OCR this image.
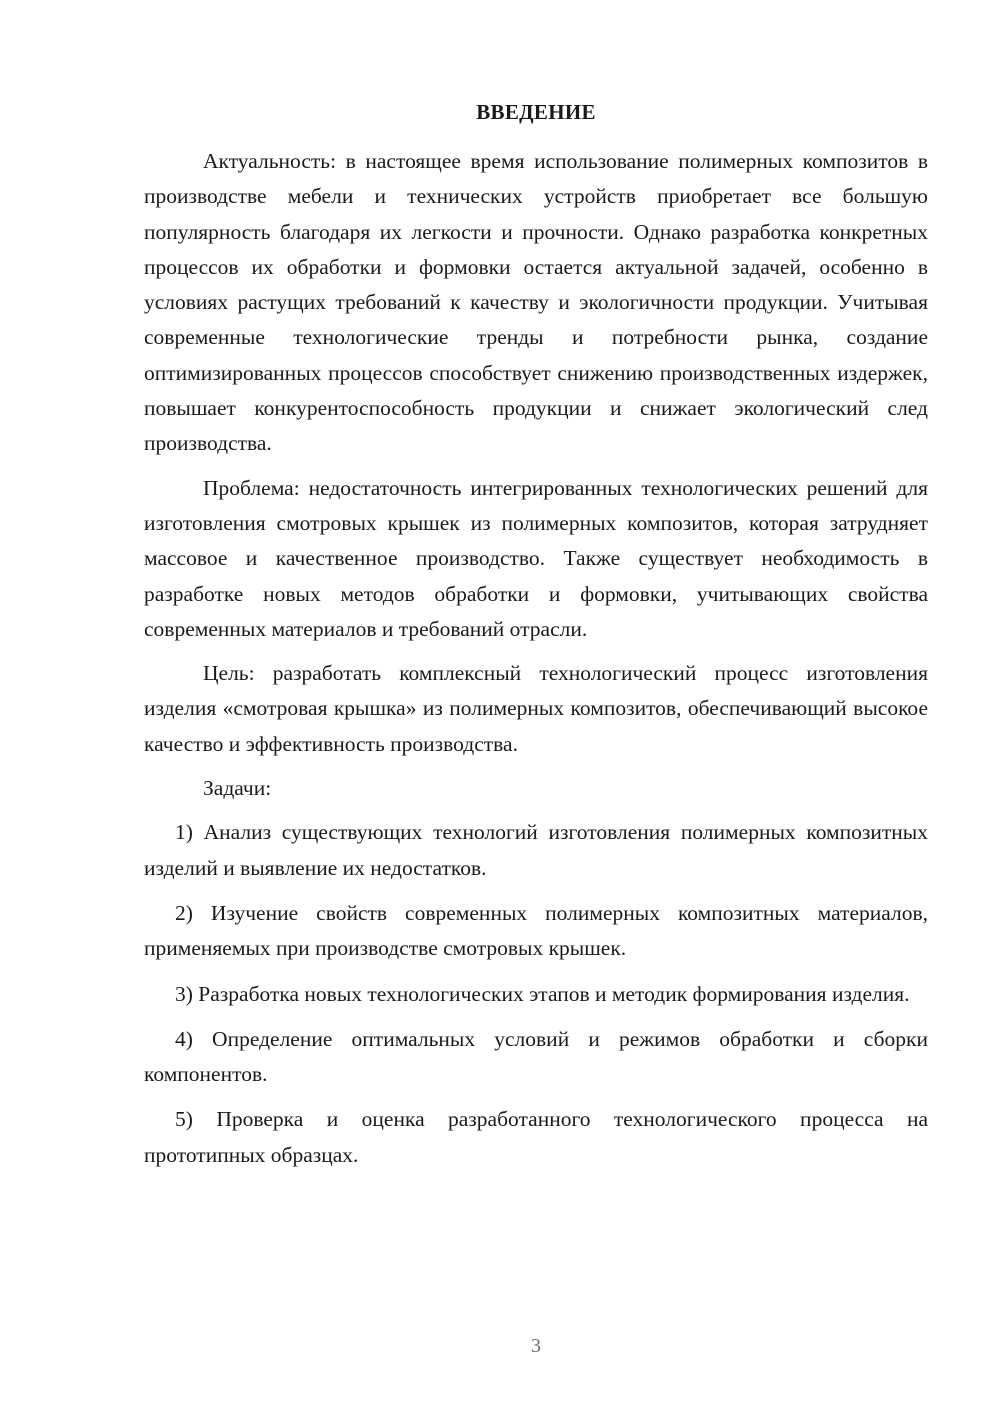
ВВЕДЕНИЕ

Актуальность: в настоящее время использование полимерных композитов в производстве мебели и технических устройств приобретает все большую популярность благодаря их легкости и прочности. Однако разработка конкретных процессов их обработки и формовки остается актуальной задачей, особенно в условиях растущих требований к качеству и экологичности продукции. Учитывая современные технологические тренды и потребности рынка, создание оптимизированных процессов способствует снижению производственных издержек, повышает конкурентоспособность продукции и снижает экологический след производства.

Проблема: недостаточность интегрированных технологических решений для изготовления смотровых крышек из полимерных композитов, которая затрудняет массовое и качественное производство. Также существует необходимость в разработке новых методов обработки и формовки, учитывающих свойства современных материалов и требований отрасли.

Цель: разработать комплексный технологический процесс изготовления изделия «смотровая крышка» из полимерных композитов, обеспечивающий высокое качество и эффективность производства.

Задачи:

1) Анализ существующих технологий изготовления полимерных композитных изделий и выявление их недостатков.

2) Изучение свойств современных полимерных композитных материалов, применяемых при производстве смотровых крышек.

3) Разработка новых технологических этапов и методик формирования изделия.

4) Определение оптимальных условий и режимов обработки и сборки компонентов.

5) Проверка и оценка разработанного технологического процесса на прототипных образцах.

3
